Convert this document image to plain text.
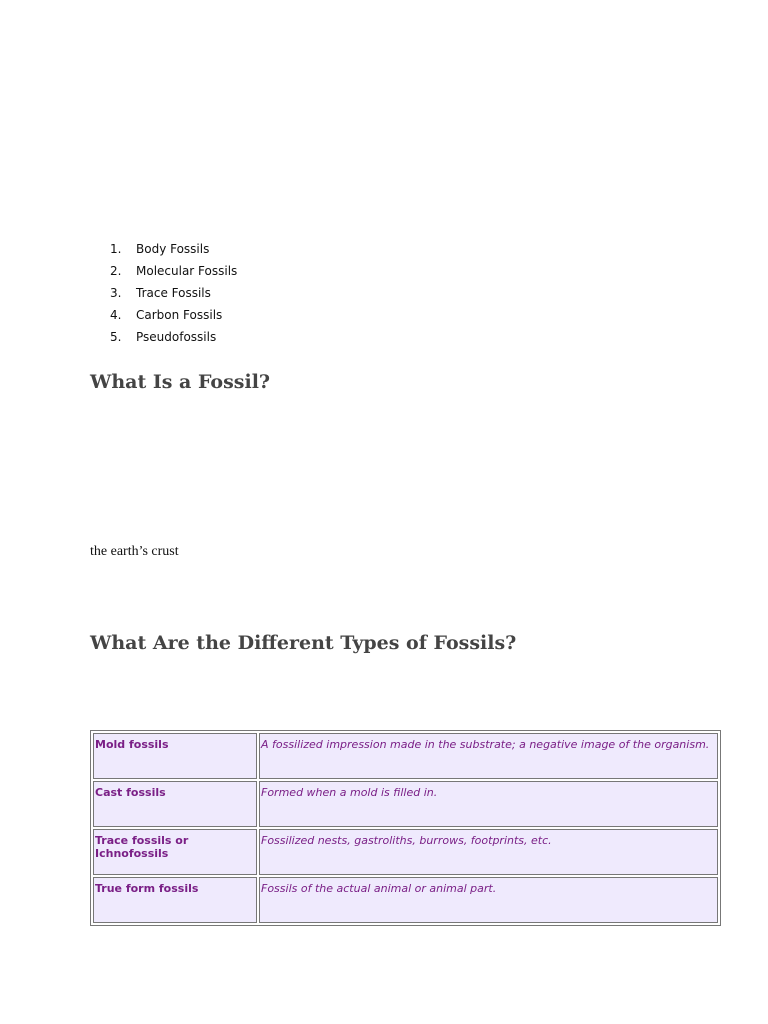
1.	Body Fossils
2.	Molecular Fossils
3.	Trace Fossils
4.	Carbon Fossils
5.	Pseudofossils
What Is a Fossil?
the earth’s crust
What Are the Different Types of Fossils?
Mold fossils	A fossilized impression made in the substrate; a negative image of the organism.
Cast fossils	Formed when a mold is filled in.
Trace fossils or Ichnofossils	Fossilized nests, gastroliths, burrows, footprints, etc.
True form fossils	Fossils of the actual animal or animal part.
